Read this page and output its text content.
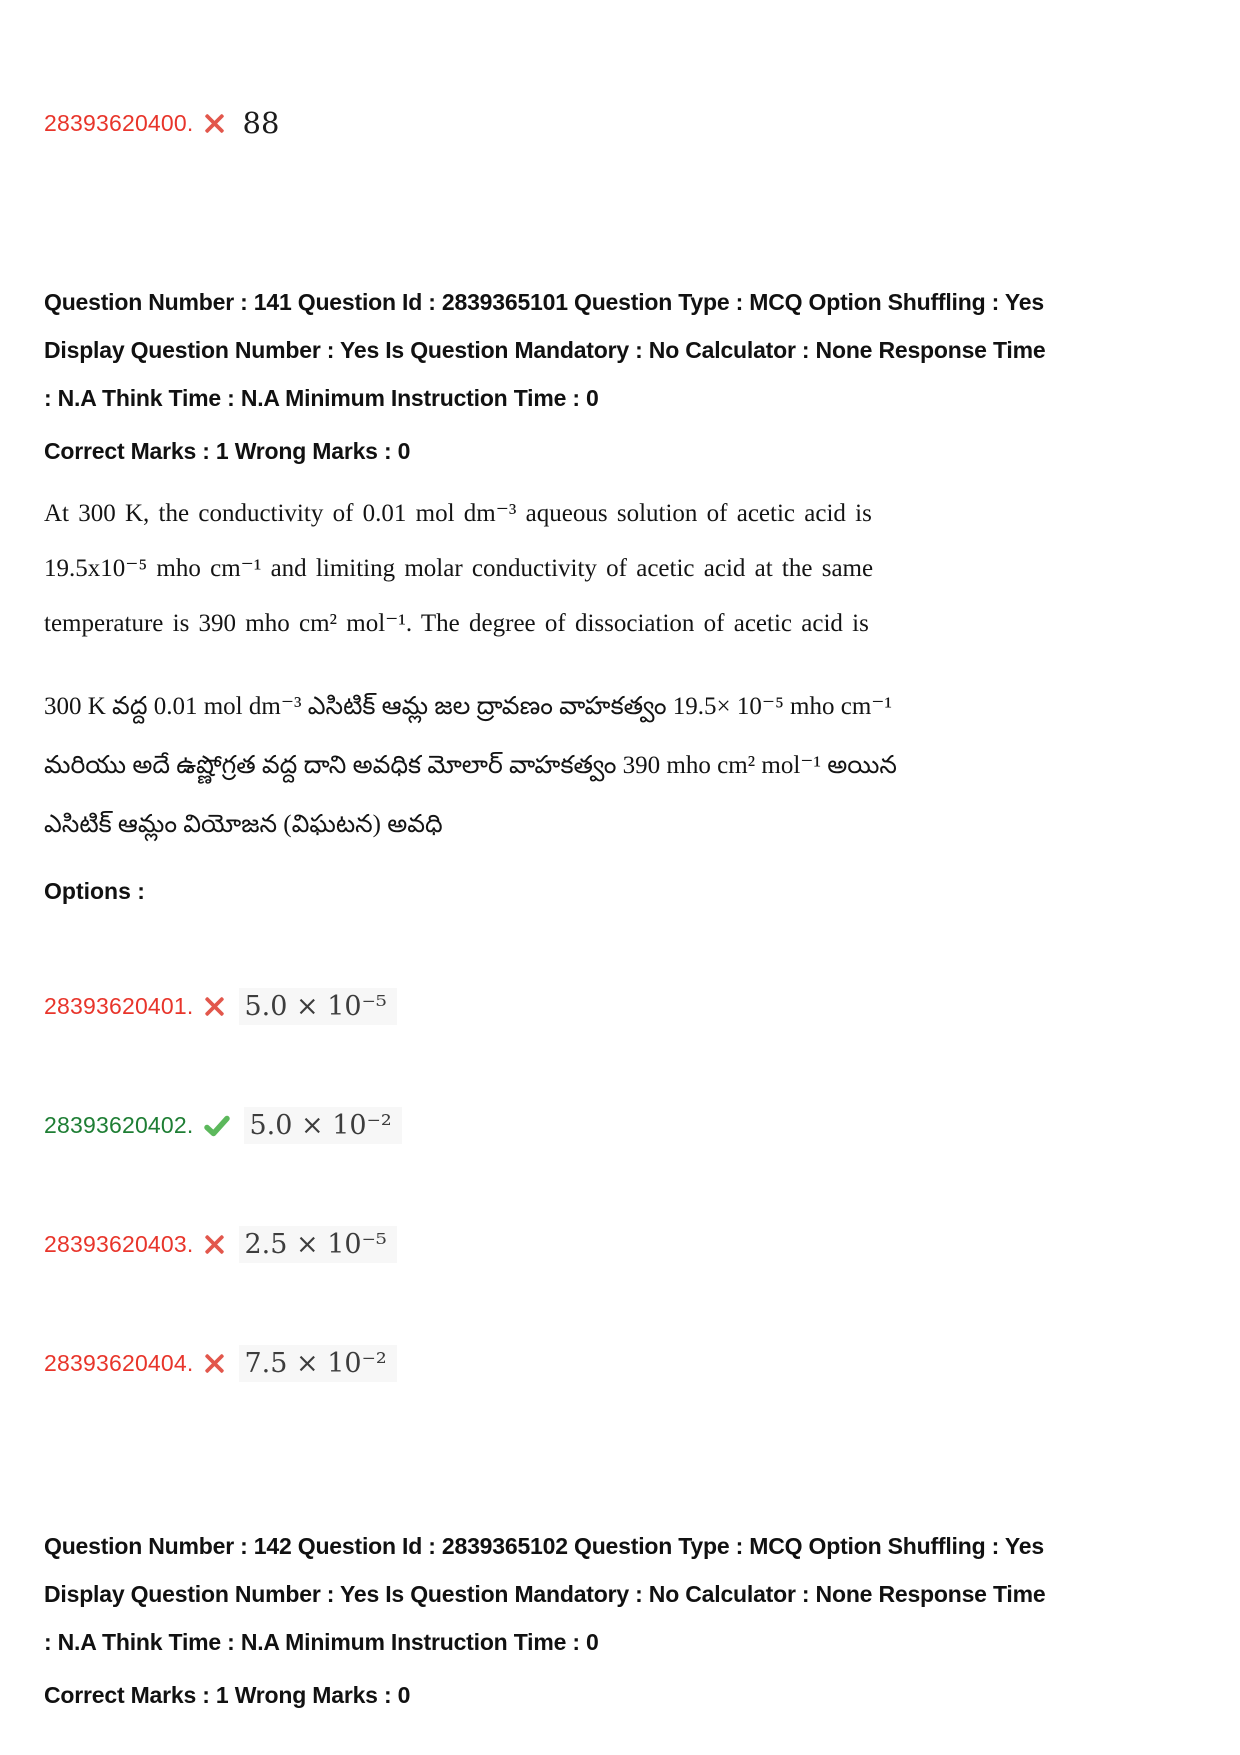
28393620400. 88
Question Number : 141 Question Id : 2839365101 Question Type : MCQ Option Shuffling : Yes
Display Question Number : Yes Is Question Mandatory : No Calculator : None Response Time
: N.A Think Time : N.A Minimum Instruction Time : 0
Correct Marks : 1 Wrong Marks : 0
At 300 K, the conductivity of 0.01 mol dm⁻³ aqueous solution of acetic acid is
19.5x10⁻⁵ mho cm⁻¹ and limiting molar conductivity of acetic acid at the same
temperature is 390 mho cm² mol⁻¹. The degree of dissociation of acetic acid is
300 K వద్ద 0.01 mol dm⁻³ ఎసిటిక్ ఆమ్ల జల ద్రావణం వాహకత్వం 19.5× 10⁻⁵ mho cm⁻¹
మరియు అదే ఉష్ణోగ్రత వద్ద దాని అవధిక మోలార్ వాహకత్వం 390 mho cm² mol⁻¹ అయిన
ఎసిటిక్ ఆమ్లం వియోజన (విఘటన) అవధి
Options :
28393620401. 5.0 × 10⁻⁵
28393620402. 5.0 × 10⁻²
28393620403. 2.5 × 10⁻⁵
28393620404. 7.5 × 10⁻²
Question Number : 142 Question Id : 2839365102 Question Type : MCQ Option Shuffling : Yes
Display Question Number : Yes Is Question Mandatory : No Calculator : None Response Time
: N.A Think Time : N.A Minimum Instruction Time : 0
Correct Marks : 1 Wrong Marks : 0
